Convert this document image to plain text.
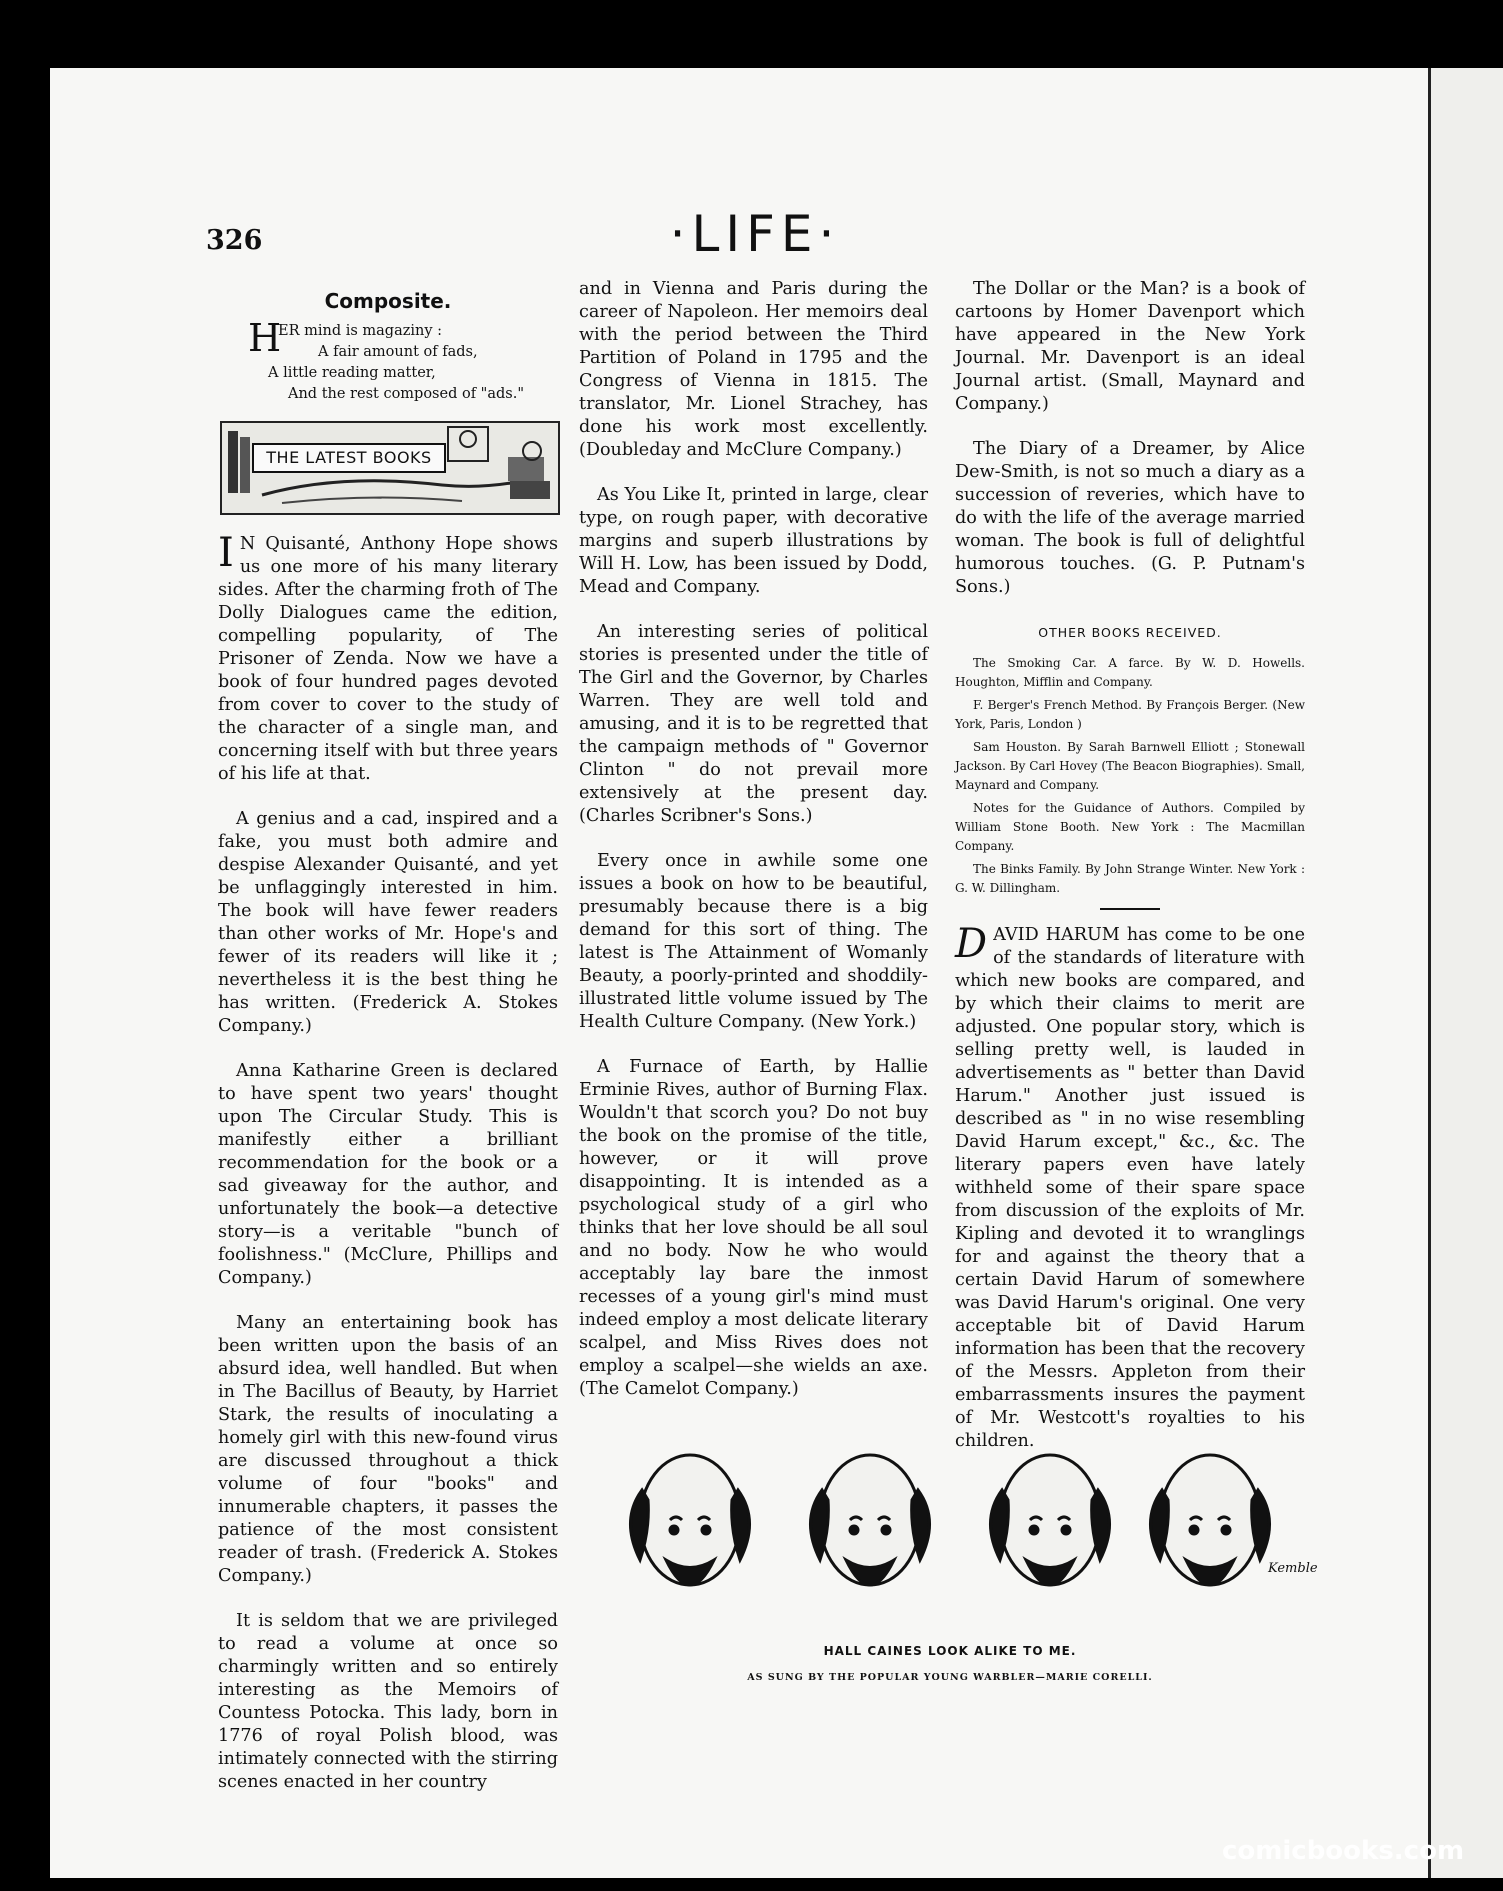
326	·LIFE·
Composite.
H
ER mind is magaziny :
A fair amount of fads,
A little reading matter,
And the rest composed of "ads."
THE LATEST BOOKS

I N Quisanté, Anthony Hope shows us one more of his many literary sides. After the charming froth of The Dolly Dialogues came the edition, compelling popularity, of The Prisoner of Zenda. Now we have a book of four hundred pages devoted from cover to cover to the study of the character of a single man, and concerning itself with but three years of his life at that.

A genius and a cad, inspired and a fake, you must both admire and despise Alexander Quisanté, and yet be unflaggingly interested in him. The book will have fewer readers than other works of Mr. Hope's and fewer of its readers will like it ; nevertheless it is the best thing he has written. (Frederick A. Stokes Company.)

Anna Katharine Green is declared to have spent two years' thought upon The Circular Study. This is manifestly either a brilliant recommendation for the book or a sad giveaway for the author, and unfortunately the book—a detective story—is a veritable "bunch of foolishness." (McClure, Phillips and Company.)

Many an entertaining book has been written upon the basis of an absurd idea, well handled. But when in The Bacillus of Beauty, by Harriet Stark, the results of inoculating a homely girl with this new-found virus are discussed throughout a thick volume of four "books" and innumerable chapters, it passes the patience of the most consistent reader of trash. (Frederick A. Stokes Company.)

It is seldom that we are privileged to read a volume at once so charmingly written and so entirely interesting as the Memoirs of Countess Potocka. This lady, born in 1776 of royal Polish blood, was intimately connected with the stirring scenes enacted in her country

and in Vienna and Paris during the career of Napoleon. Her memoirs deal with the period between the Third Partition of Poland in 1795 and the Congress of Vienna in 1815. The translator, Mr. Lionel Strachey, has done his work most excellently. (Doubleday and McClure Company.)

As You Like It, printed in large, clear type, on rough paper, with decorative margins and superb illustrations by Will H. Low, has been issued by Dodd, Mead and Company.

An interesting series of political stories is presented under the title of The Girl and the Governor, by Charles Warren. They are well told and amusing, and it is to be regretted that the campaign methods of " Governor Clinton " do not prevail more extensively at the present day. (Charles Scribner's Sons.)

Every once in awhile some one issues a book on how to be beautiful, presumably because there is a big demand for this sort of thing. The latest is The Attainment of Womanly Beauty, a poorly-printed and shoddily-illustrated little volume issued by The Health Culture Company. (New York.)

A Furnace of Earth, by Hallie Erminie Rives, author of Burning Flax. Wouldn't that scorch you? Do not buy the book on the promise of the title, however, or it will prove disappointing. It is intended as a psychological study of a girl who thinks that her love should be all soul and no body. Now he who would acceptably lay bare the inmost recesses of a young girl's mind must indeed employ a most delicate literary scalpel, and Miss Rives does not employ a scalpel—she wields an axe. (The Camelot Company.)

The Dollar or the Man? is a book of cartoons by Homer Davenport which have appeared in the New York Journal. Mr. Davenport is an ideal Journal artist. (Small, Maynard and Company.)

The Diary of a Dreamer, by Alice Dew-Smith, is not so much a diary as a succession of reveries, which have to do with the life of the average married woman. The book is full of delightful humorous touches. (G. P. Putnam's Sons.)

OTHER BOOKS RECEIVED.
The Smoking Car. A farce. By W. D. Howells. Houghton, Mifflin and Company.
F. Berger's French Method. By François Berger. (New York, Paris, London )
Sam Houston. By Sarah Barnwell Elliott ; Stonewall Jackson. By Carl Hovey (The Beacon Biographies). Small, Maynard and Company.
Notes for the Guidance of Authors. Compiled by William Stone Booth. New York : The Macmillan Company.
The Binks Family. By John Strange Winter. New York : G. W. Dillingham.

DAVID HARUM has come to be one of the standards of literature with which new books are compared, and by which their claims to merit are adjusted. One popular story, which is selling pretty well, is lauded in advertisements as " better than David Harum." Another just issued is described as " in no wise resembling David Harum except," &c., &c. The literary papers even have lately withheld some of their spare space from discussion of the exploits of Mr. Kipling and devoted it to wranglings for and against the theory that a certain David Harum of somewhere was David Harum's original. One very acceptable bit of David Harum information has been that the recovery of the Messrs. Appleton from their embarrassments insures the payment of Mr. Westcott's royalties to his children.

Kemble
HALL CAINES LOOK ALIKE TO ME.
AS SUNG BY THE POPULAR YOUNG WARBLER—MARIE CORELLI.
comicbooks.com
